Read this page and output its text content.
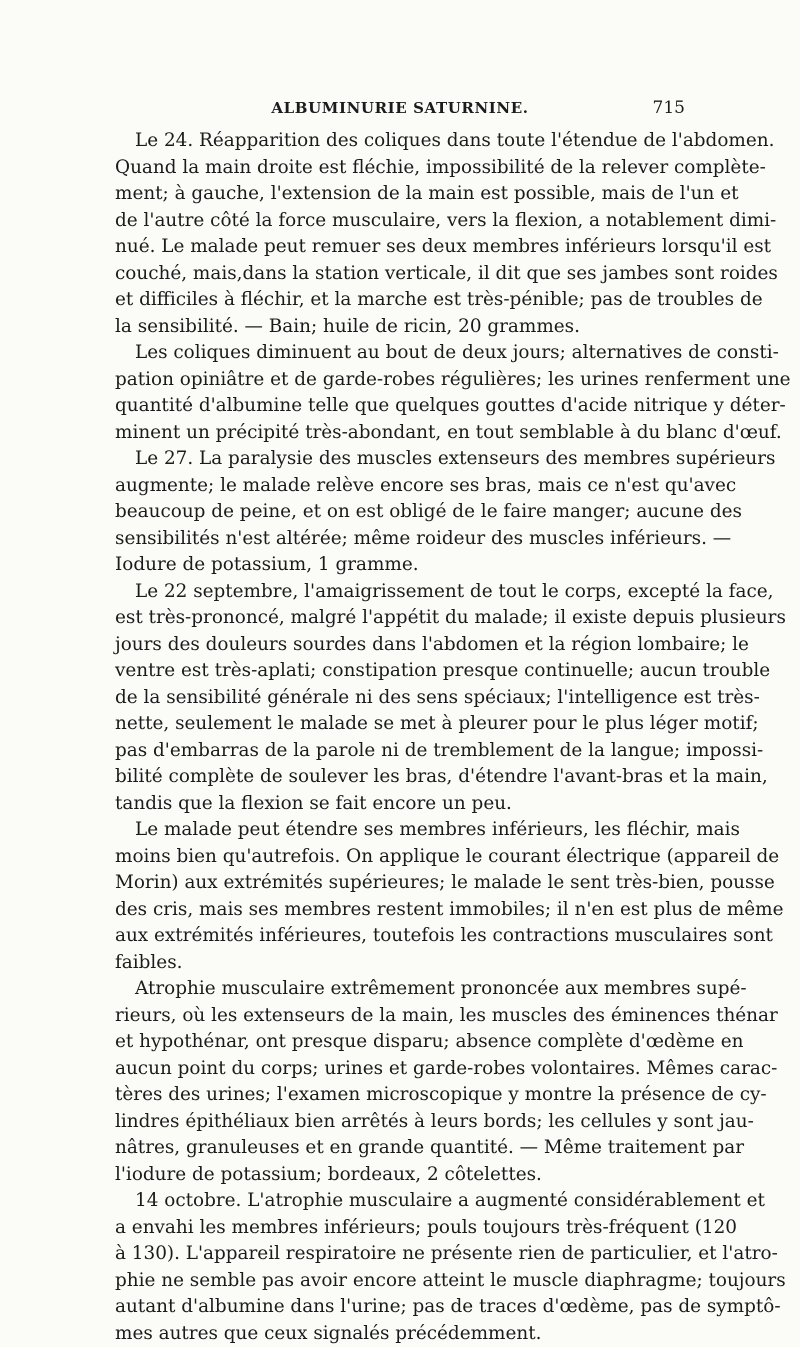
ALBUMINURIE SATURNINE.	715
Le 24. Réapparition des coliques dans toute l'étendue de l'abdomen.
Quand la main droite est fléchie, impossibilité de la relever complète-
ment; à gauche, l'extension de la main est possible, mais de l'un et
de l'autre côté la force musculaire, vers la flexion, a notablement dimi-
nué. Le malade peut remuer ses deux membres inférieurs lorsqu'il est
couché, mais,dans la station verticale, il dit que ses jambes sont roides
et difficiles à fléchir, et la marche est très-pénible; pas de troubles de
la sensibilité. — Bain; huile de ricin, 20 grammes.
Les coliques diminuent au bout de deux jours; alternatives de consti-
pation opiniâtre et de garde-robes régulières; les urines renferment une
quantité d'albumine telle que quelques gouttes d'acide nitrique y déter-
minent un précipité très-abondant, en tout semblable à du blanc d'œuf.
Le 27. La paralysie des muscles extenseurs des membres supérieurs
augmente; le malade relève encore ses bras, mais ce n'est qu'avec
beaucoup de peine, et on est obligé de le faire manger; aucune des
sensibilités n'est altérée; même roideur des muscles inférieurs. —
Iodure de potassium, 1 gramme.
Le 22 septembre, l'amaigrissement de tout le corps, excepté la face,
est très-prononcé, malgré l'appétit du malade; il existe depuis plusieurs
jours des douleurs sourdes dans l'abdomen et la région lombaire; le
ventre est très-aplati; constipation presque continuelle; aucun trouble
de la sensibilité générale ni des sens spéciaux; l'intelligence est très-
nette, seulement le malade se met à pleurer pour le plus léger motif;
pas d'embarras de la parole ni de tremblement de la langue; impossi-
bilité complète de soulever les bras, d'étendre l'avant-bras et la main,
tandis que la flexion se fait encore un peu.
Le malade peut étendre ses membres inférieurs, les fléchir, mais
moins bien qu'autrefois. On applique le courant électrique (appareil de
Morin) aux extrémités supérieures; le malade le sent très-bien, pousse
des cris, mais ses membres restent immobiles; il n'en est plus de même
aux extrémités inférieures, toutefois les contractions musculaires sont
faibles.
Atrophie musculaire extrêmement prononcée aux membres supé-
rieurs, où les extenseurs de la main, les muscles des éminences thénar
et hypothénar, ont presque disparu; absence complète d'œdème en
aucun point du corps; urines et garde-robes volontaires. Mêmes carac-
tères des urines; l'examen microscopique y montre la présence de cy-
lindres épithéliaux bien arrêtés à leurs bords; les cellules y sont jau-
nâtres, granuleuses et en grande quantité. — Même traitement par
l'iodure de potassium; bordeaux, 2 côtelettes.
14 octobre. L'atrophie musculaire a augmenté considérablement et
a envahi les membres inférieurs; pouls toujours très-fréquent (120
à 130). L'appareil respiratoire ne présente rien de particulier, et l'atro-
phie ne semble pas avoir encore atteint le muscle diaphragme; toujours
autant d'albumine dans l'urine; pas de traces d'œdème, pas de symptô-
mes autres que ceux signalés précédemment.
